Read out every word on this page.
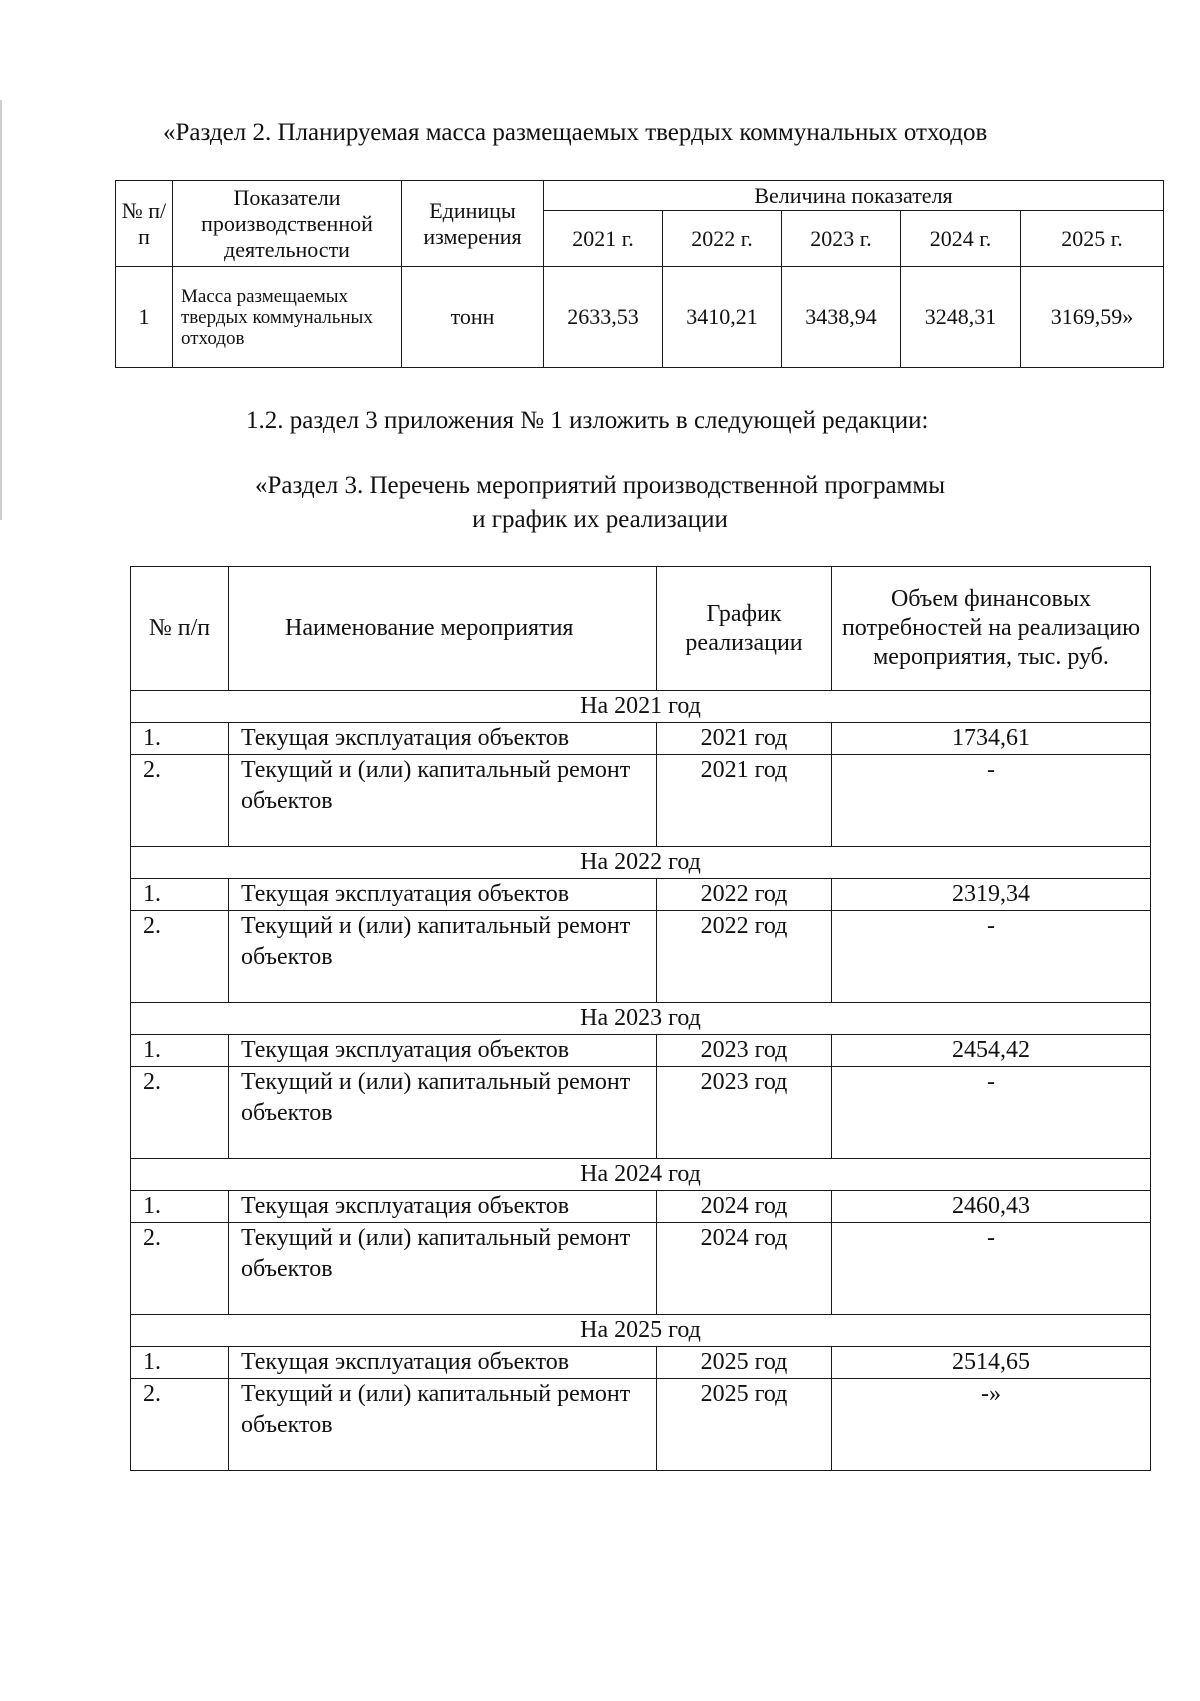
«Раздел 2. Планируемая масса размещаемых твердых коммунальных отходов
№ п/п	Показатели производственной деятельности	Единицы измерения	Величина показателя				
			2021 г.	2022 г.	2023 г.	2024 г.	2025 г.
1	Масса размещаемых твердых коммунальных отходов	тонн	2633,53	3410,21	3438,94	3248,31	3169,59»
1.2. раздел 3 приложения № 1 изложить в следующей редакции:
«Раздел 3. Перечень мероприятий производственной программы
и график их реализации
№ п/п	Наименование мероприятия	График реализации	Объем финансовых потребностей на реализацию мероприятия, тыс. руб.
На 2021 год			
1.	Текущая эксплуатация объектов	2021 год	1734,61
2.	Текущий и (или) капитальный ремонт объектов	2021 год	-
На 2022 год			
1.	Текущая эксплуатация объектов	2022 год	2319,34
2.	Текущий и (или) капитальный ремонт объектов	2022 год	-
На 2023 год			
1.	Текущая эксплуатация объектов	2023 год	2454,42
2.	Текущий и (или) капитальный ремонт объектов	2023 год	-
На 2024 год			
1.	Текущая эксплуатация объектов	2024 год	2460,43
2.	Текущий и (или) капитальный ремонт объектов	2024 год	-
На 2025 год			
1.	Текущая эксплуатация объектов	2025 год	2514,65
2.	Текущий и (или) капитальный ремонт объектов	2025 год	-»
